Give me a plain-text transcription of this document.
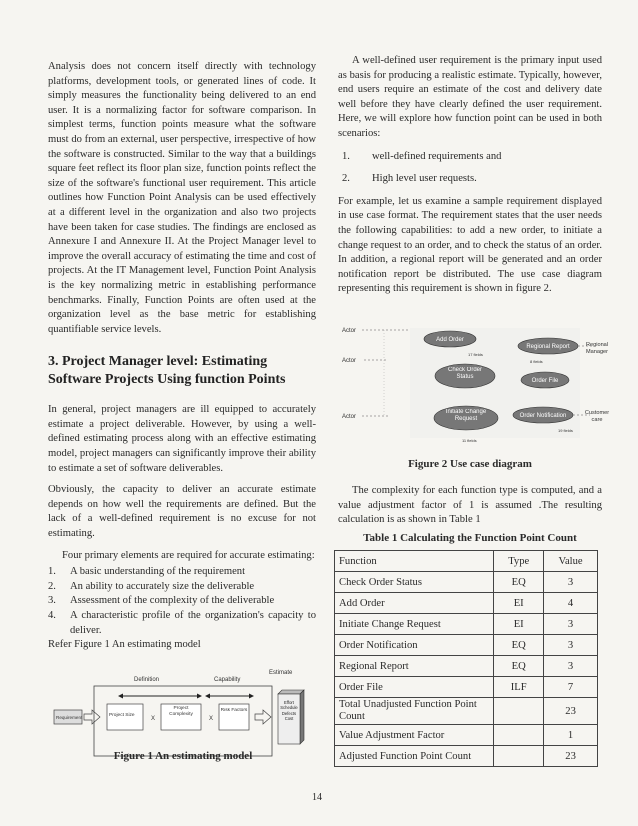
Analysis does not concern itself directly with technology platforms, development tools, or generated lines of code. It simply measures the functionality being delivered to an end user. It is a normalizing factor for software comparison. In simplest terms, function points measure what the software must do from an external, user perspective, irrespective of how the software is constructed. Similar to the way that a buildings square feet reflect its floor plan size, function points reflect the size of the software's functional user requirement. This article outlines how Function Point Analysis can be used effectively at a different level in the organization and also two projects have been taken for case studies. The findings are enclosed as Annexure I and Annexure II. At the Project Manager level to improve the overall accuracy of estimating the time and cost of projects. At the IT Management level, Function Point Analysis is the key normalizing metric in establishing performance benchmarks. Finally, Function Points are often used at the organization level as the base metric for establishing quantifiable service levels.

3. Project Manager level: Estimating Software Projects Using function Points

In general, project managers are ill equipped to accurately estimate a project deliverable. However, by using a well-defined estimating process along with an effective estimating model, project managers can significantly improve their ability to estimate a set of software deliverables.

Obviously, the capacity to deliver an accurate estimate depends on how well the requirements are defined. But the lack of a well-defined requirement is no excuse for not estimating.

Four primary elements are required for accurate estimating:

1.	A basic understanding of the requirement
2.	An ability to accurately size the deliverable
3.	Assessment of the complexity of the deliverable
4.	A characteristic profile of the organization's capacity to deliver.

Refer Figure 1 An estimating model

Estimate
Definition	Capability
Requirement	Project Size
X
Project Complexity
X
Risk Factors
Effort Schedule Defects Cost
Figure 1 An estimating model

A well-defined user requirement is the primary input used as basis for producing a realistic estimate. Typically, however, end users require an estimate of the cost and delivery date well before they have clearly defined the user requirement. Here, we will explore how function point can be used in both scenarios:

1.	well-defined requirements and
2.	High level user requests.

For example, let us examine a sample requirement displayed in use case format. The requirement states that the user needs the following capabilities: to add a new order, to initiate a change request to an order, and to check the status of an order. In addition, a regional report will be generated and an order notification report be distributed. The use case diagram representing this requirement is shown in figure 2.

Actor
Actor
Actor
Add Order
Regional Report
Check Order Status
Order File
Initiate Change Request	Order Notification
17 fields
8 fields
11 fields
19 fields
Regional Manager
Customer care
Figure 2 Use case diagram

The complexity for each function type is computed, and a value adjustment factor of 1 is assumed .The resulting calculation is as shown in Table 1

Table 1 Calculating the Function Point Count
Function	Type	Value
Check Order Status	EQ	3
Add Order	EI	4
Initiate Change Request	EI	3
Order Notification	EQ	3
Regional Report	EQ	3
Order File	ILF	7
Total Unadjusted Function Point Count		23
Value Adjustment Factor		1
Adjusted Function Point Count		23
14
